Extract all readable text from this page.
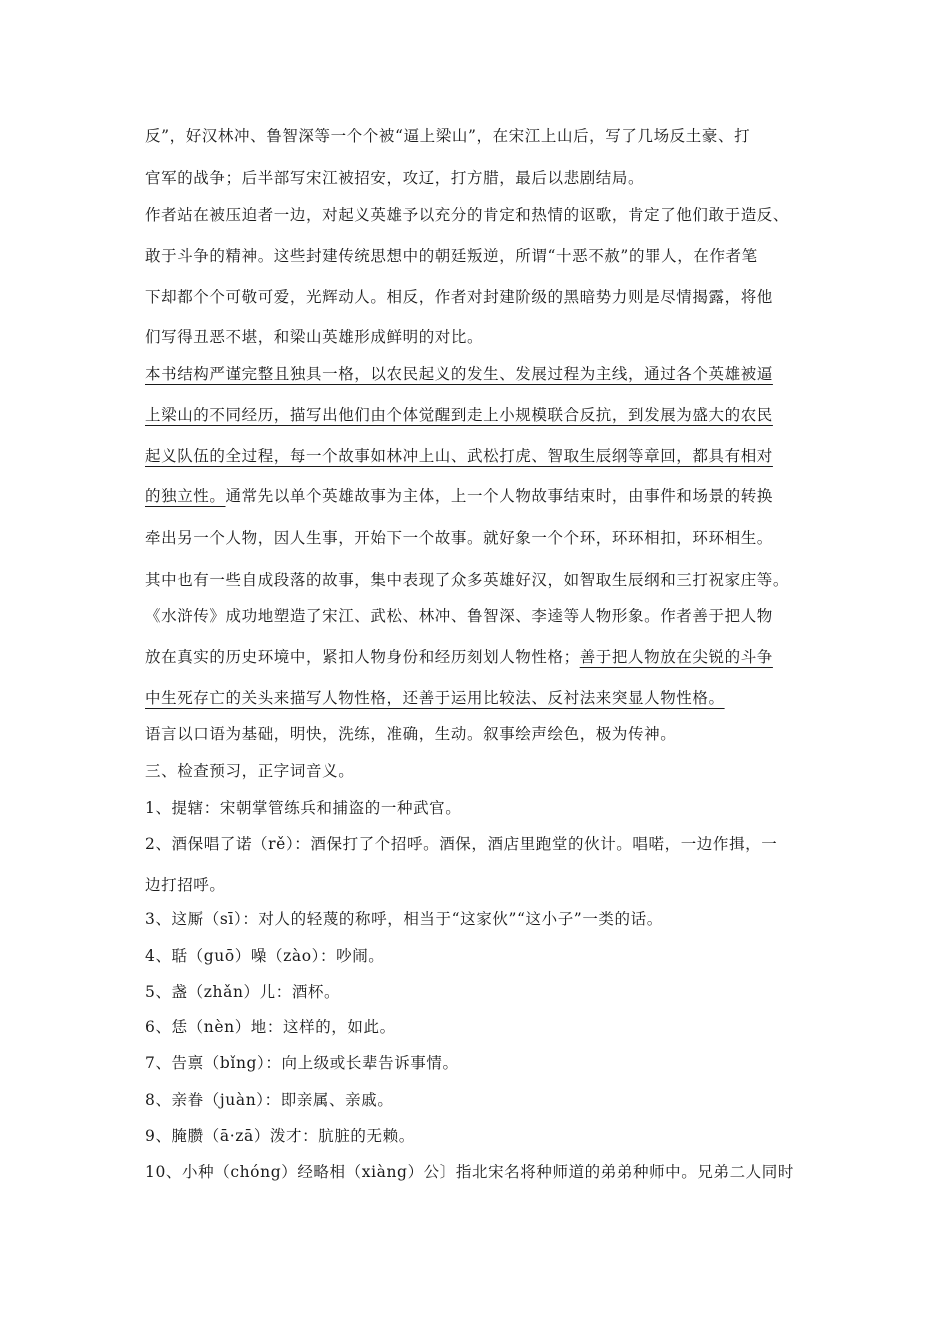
反”，好汉林冲、鲁智深等一个个被“逼上梁山”，在宋江上山后，写了几场反土豪、打
官军的战争；后半部写宋江被招安，攻辽，打方腊，最后以悲剧结局。
作者站在被压迫者一边，对起义英雄予以充分的肯定和热情的讴歌，肯定了他们敢于造反、
敢于斗争的精神。这些封建传统思想中的朝廷叛逆，所谓“十恶不赦”的罪人，在作者笔
下却都个个可敬可爱，光辉动人。相反，作者对封建阶级的黑暗势力则是尽情揭露，将他
们写得丑恶不堪，和梁山英雄形成鲜明的对比。
本书结构严谨完整且独具一格，以农民起义的发生、发展过程为主线，通过各个英雄被逼
上梁山的不同经历，描写出他们由个体觉醒到走上小规模联合反抗，到发展为盛大的农民
起义队伍的全过程，每一个故事如林冲上山、武松打虎、智取生辰纲等章回，都具有相对
的独立性。通常先以单个英雄故事为主体，上一个人物故事结束时，由事件和场景的转换
牵出另一个人物，因人生事，开始下一个故事。就好象一个个环，环环相扣，环环相生。
其中也有一些自成段落的故事，集中表现了众多英雄好汉，如智取生辰纲和三打祝家庄等。
《水浒传》成功地塑造了宋江、武松、林冲、鲁智深、李逵等人物形象。作者善于把人物
放在真实的历史环境中，紧扣人物身份和经历刻划人物性格；善于把人物放在尖锐的斗争
中生死存亡的关头来描写人物性格，还善于运用比较法、反衬法来突显人物性格。
语言以口语为基础，明快，洗练，准确，生动。叙事绘声绘色，极为传神。
三、检查预习，正字词音义。
1、提辖：宋朝掌管练兵和捕盗的一种武官。
2、酒保唱了诺（rě）：酒保打了个招呼。酒保，酒店里跑堂的伙计。唱喏，一边作揖，一
边打招呼。
3、这厮（sī）：对人的轻蔑的称呼，相当于“这家伙”“这小子”一类的话。
4、聒（guō）噪（zào）：吵闹。
5、盏（zhǎn）儿：酒杯。
6、恁（nèn）地：这样的，如此。
7、告禀（bǐng）：向上级或长辈告诉事情。
8、亲眷（juàn）：即亲属、亲戚。
9、腌臜（ā·zā）泼才：肮脏的无赖。
10、小种（chóng）经略相（xiàng）公〕指北宋名将种师道的弟弟种师中。兄弟二人同时
